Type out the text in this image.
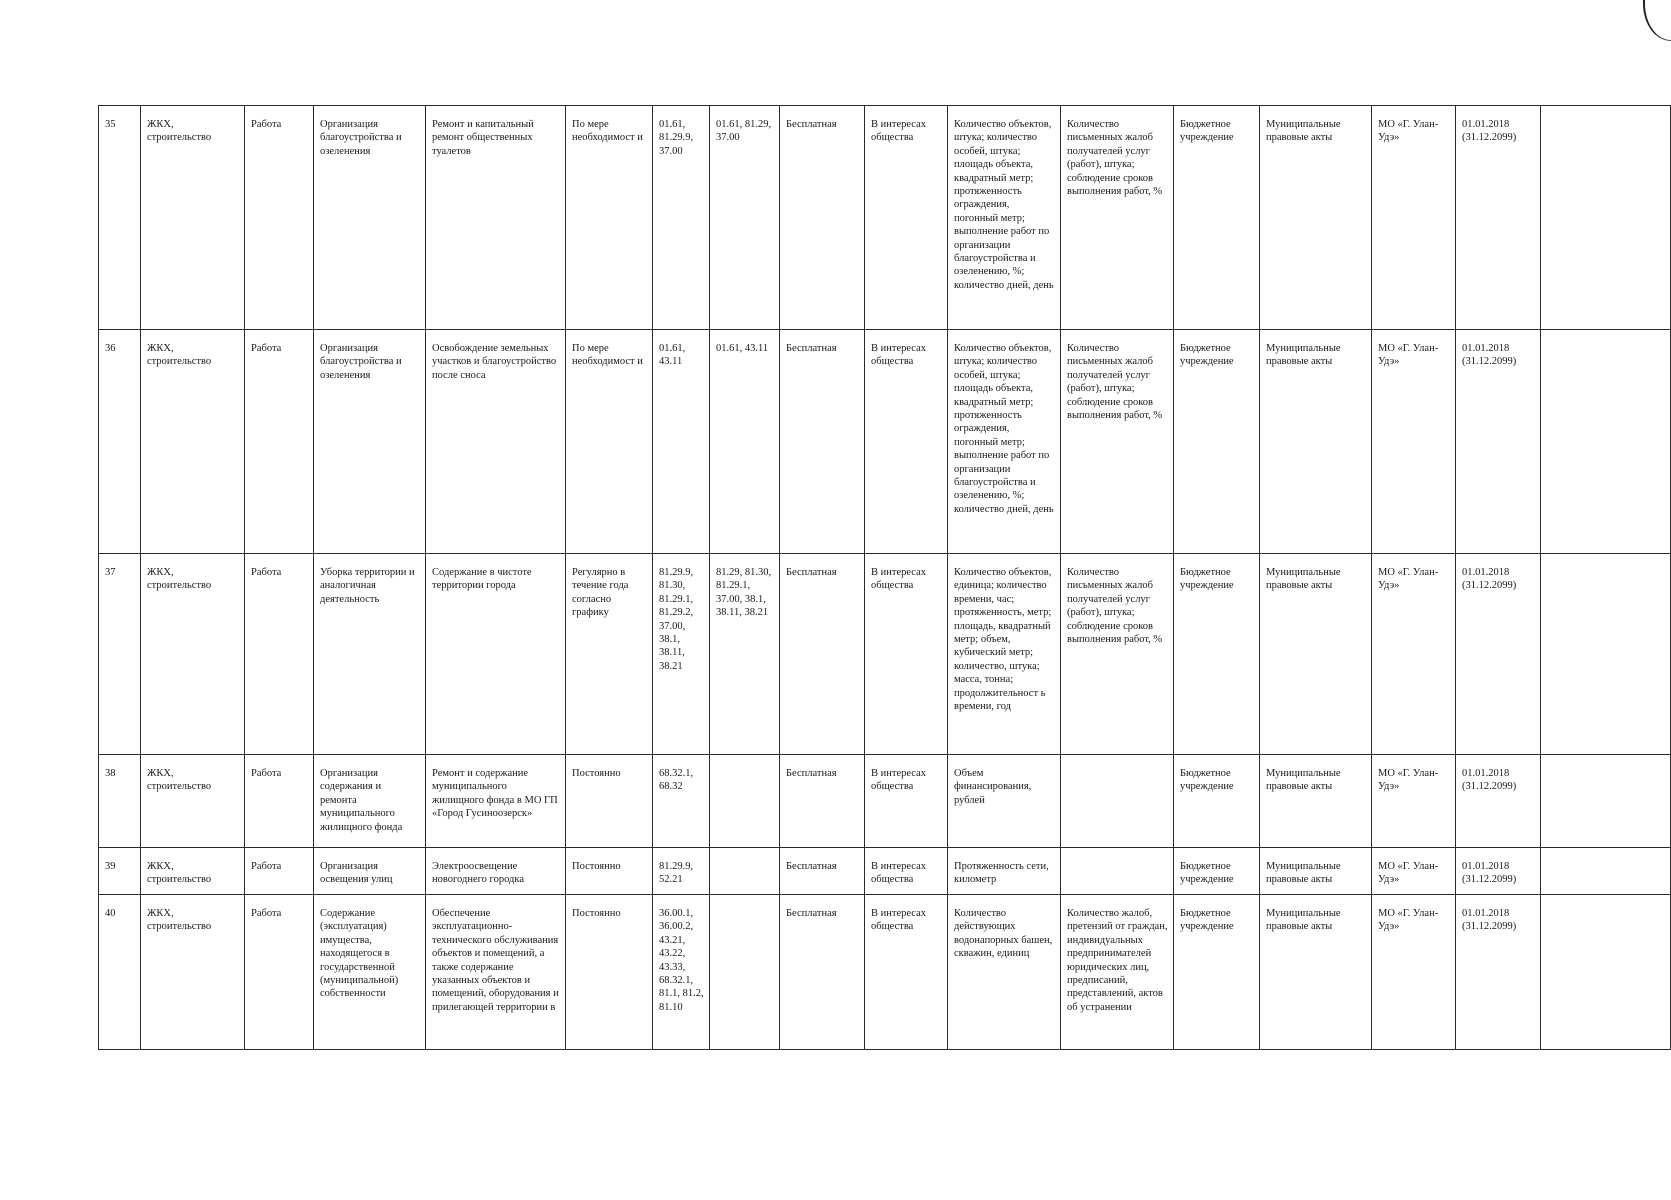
35	ЖКХ, строительство	Работа	Организация благоустройства и озеленения	Ремонт и капитальный ремонт общественных туалетов	По мере необходимост и	01.61, 81.29.9, 37.00	01.61, 81.29, 37.00	Бесплатная	В интересах общества	Количество объектов, штука; количество особей, штука; площадь объекта, квадратный метр; протяженность ограждения, погонный метр; выполнение работ по организации благоустройства и озеленению, %; количество дней, день	Количество письменных жалоб получателей услуг (работ), штука; соблюдение сроков выполнения работ, %	Бюджетное учреждение	Муниципальные правовые акты	МО «Г. Улан-Удэ»	01.01.2018 (31.12.2099)	
36	ЖКХ, строительство	Работа	Организация благоустройства и озеленения	Освобождение земельных участков и благоустройство после сноса	По мере необходимост и	01.61, 43.11	01.61, 43.11	Бесплатная	В интересах общества	Количество объектов, штука; количество особей, штука; площадь объекта, квадратный метр; протяженность ограждения, погонный метр; выполнение работ по организации благоустройства и озеленению, %; количество дней, день	Количество письменных жалоб получателей услуг (работ), штука; соблюдение сроков выполнения работ, %	Бюджетное учреждение	Муниципальные правовые акты	МО «Г. Улан-Удэ»	01.01.2018 (31.12.2099)	
37	ЖКХ, строительство	Работа	Уборка территории и аналогичная деятельность	Содержание в чистоте территории города	Регулярно в течение года согласно графику	81.29.9, 81.30, 81.29.1, 81.29.2, 37.00, 38.1, 38.11, 38.21	81.29, 81.30, 81.29.1, 37.00, 38.1, 38.11, 38.21	Бесплатная	В интересах общества	Количество объектов, единица; количество времени, час; протяженность, метр; площадь, квадратный метр; объем, кубический метр; количество, штука; масса, тонна; продолжительност ь времени, год	Количество письменных жалоб получателей услуг (работ), штука; соблюдение сроков выполнения работ, %	Бюджетное учреждение	Муниципальные правовые акты	МО «Г. Улан-Удэ»	01.01.2018 (31.12.2099)	
38	ЖКХ, строительство	Работа	Организация содержания и ремонта муниципального жилищного фонда	Ремонт и содержание муниципального жилищного фонда в МО ГП «Город Гусиноозерск»	Постоянно	68.32.1, 68.32		Бесплатная	В интересах общества	Объем финансирования, рублей		Бюджетное учреждение	Муниципальные правовые акты	МО «Г. Улан-Удэ»	01.01.2018 (31.12.2099)	
39	ЖКХ, строительство	Работа	Организация освещения улиц	Электроосвещение новогоднего городка	Постоянно	81.29.9, 52.21		Бесплатная	В интересах общества	Протяженность сети, километр		Бюджетное учреждение	Муниципальные правовые акты	МО «Г. Улан-Удэ»	01.01.2018 (31.12.2099)	
40	ЖКХ, строительство	Работа	Содержание (эксплуатация) имущества, находящегося в государственной (муниципальной) собственности	Обеспечение эксплуатационно-технического обслуживания объектов и помещений, а также содержание указанных объектов и помещений, оборудования и прилегающей территории в	Постоянно	36.00.1, 36.00.2, 43.21, 43.22, 43.33, 68.32.1, 81.1, 81.2, 81.10		Бесплатная	В интересах общества	Количество действующих водонапорных башен, скважин, единиц	Количество жалоб, претензий от граждан, индивидуальных предпринимателей юридических лиц, предписаний, представлений, актов об устранении	Бюджетное учреждение	Муниципальные правовые акты	МО «Г. Улан-Удэ»	01.01.2018 (31.12.2099)	
